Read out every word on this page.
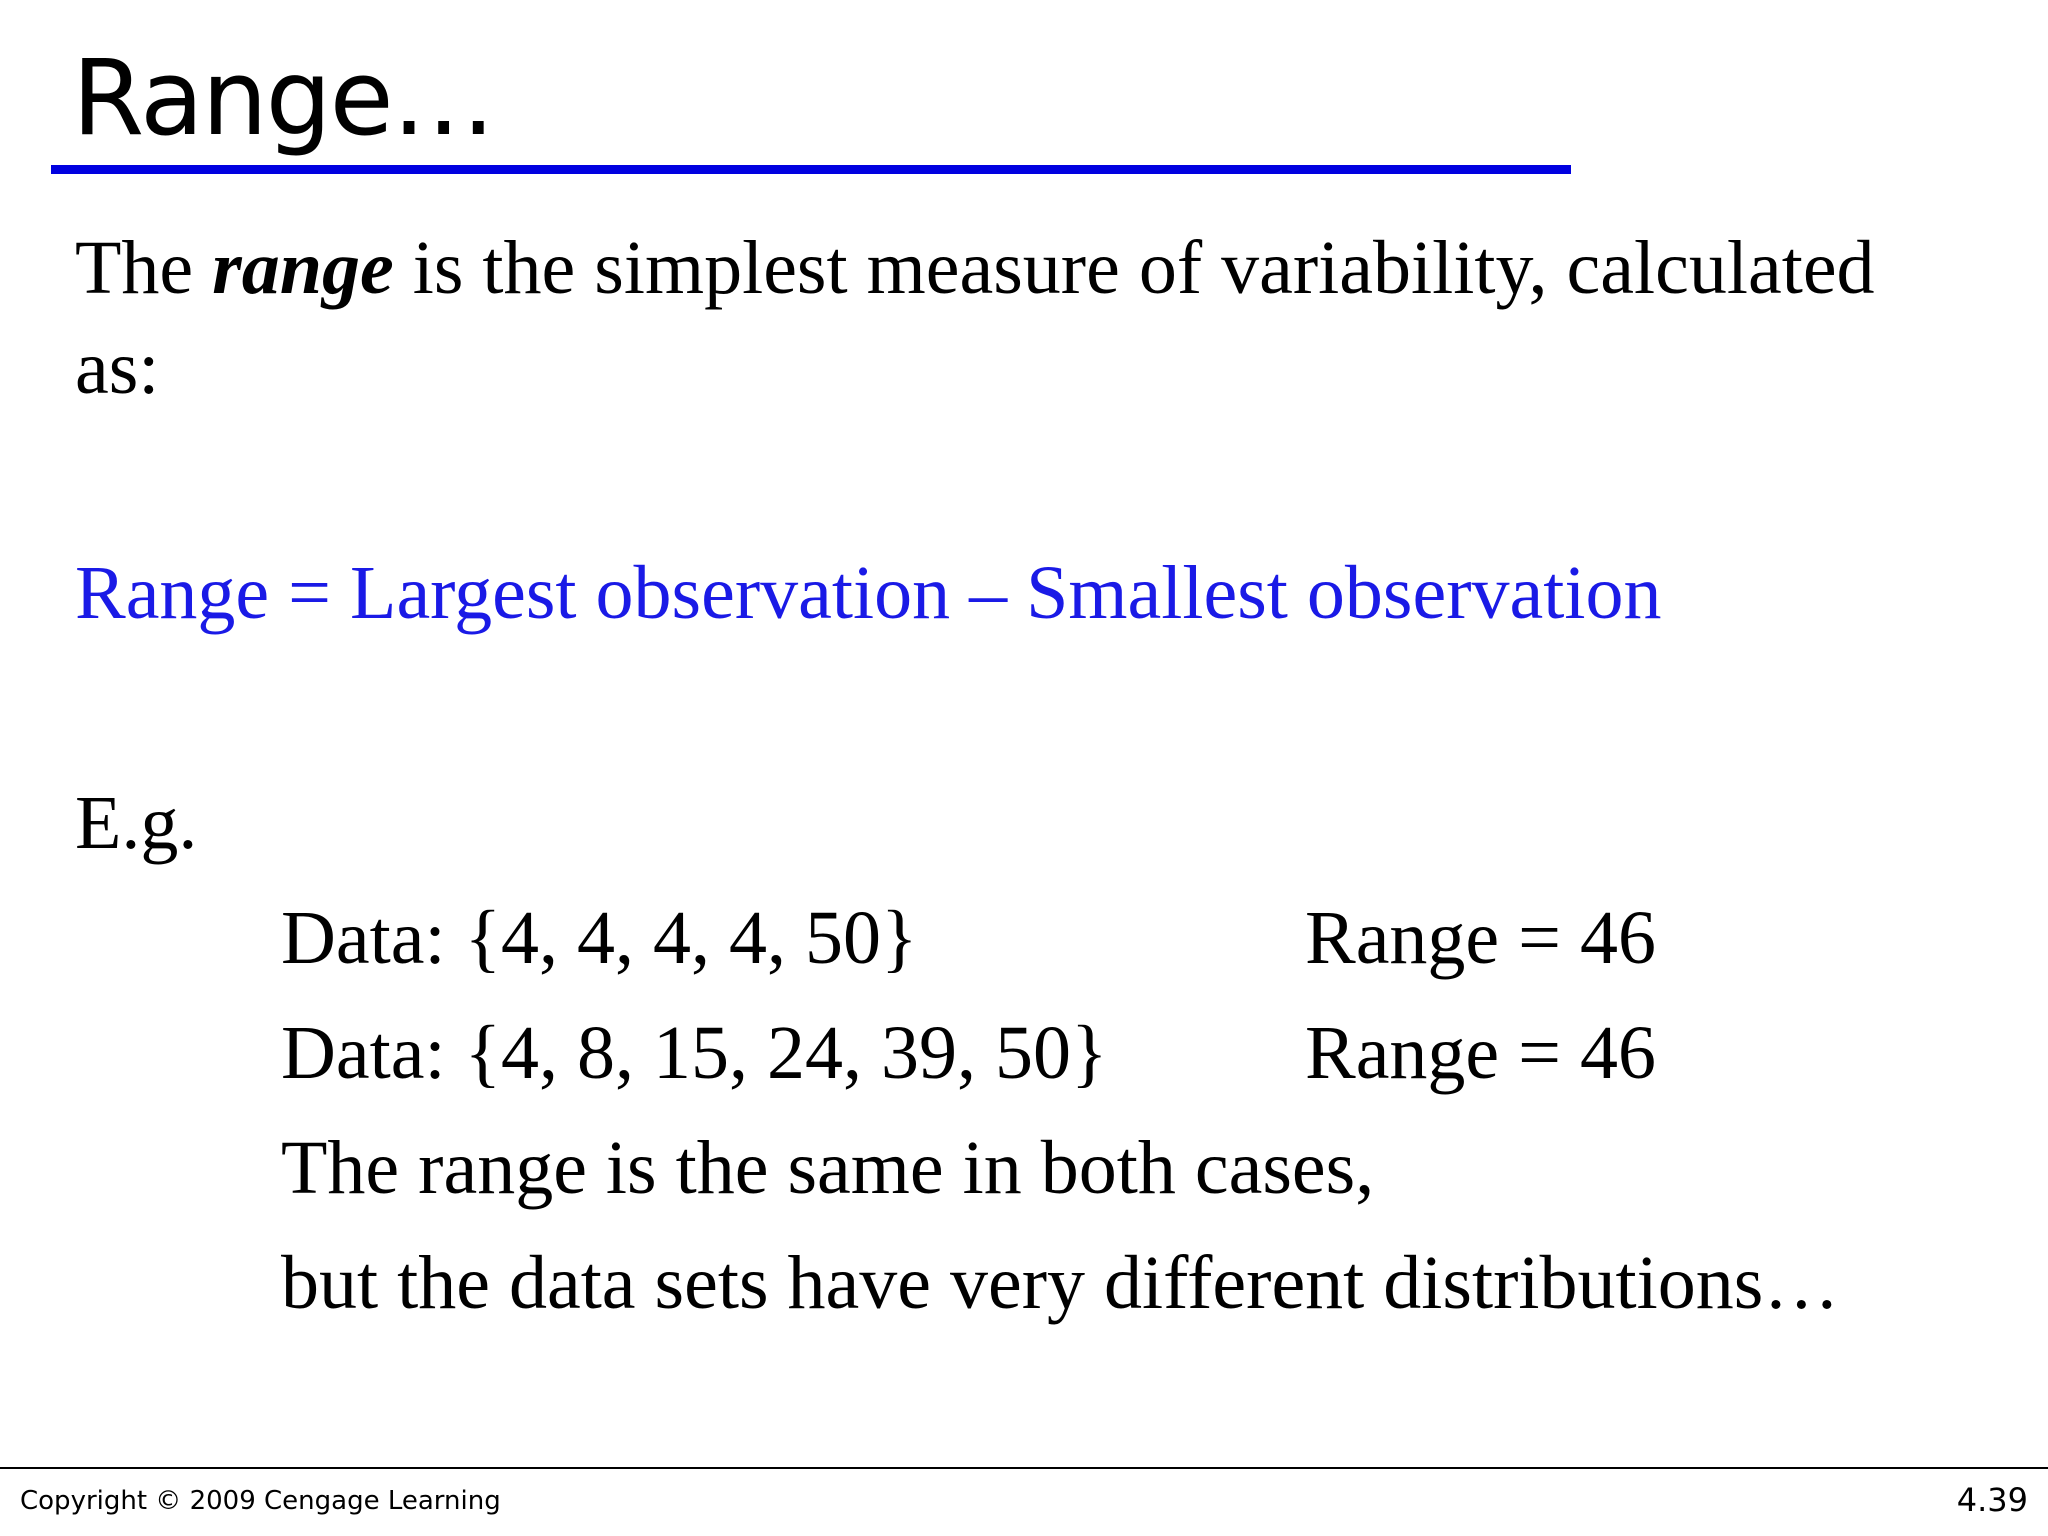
Range…
The range is the simplest measure of variability, calculated
as:
Range = Largest observation – Smallest observation
E.g.
Data: {4, 4, 4, 4, 50}	Range = 46
Data: {4, 8, 15, 24, 39, 50}	Range = 46
The range is the same in both cases,
but the data sets have very different distributions…
Copyright © 2009 Cengage Learning	4.39
